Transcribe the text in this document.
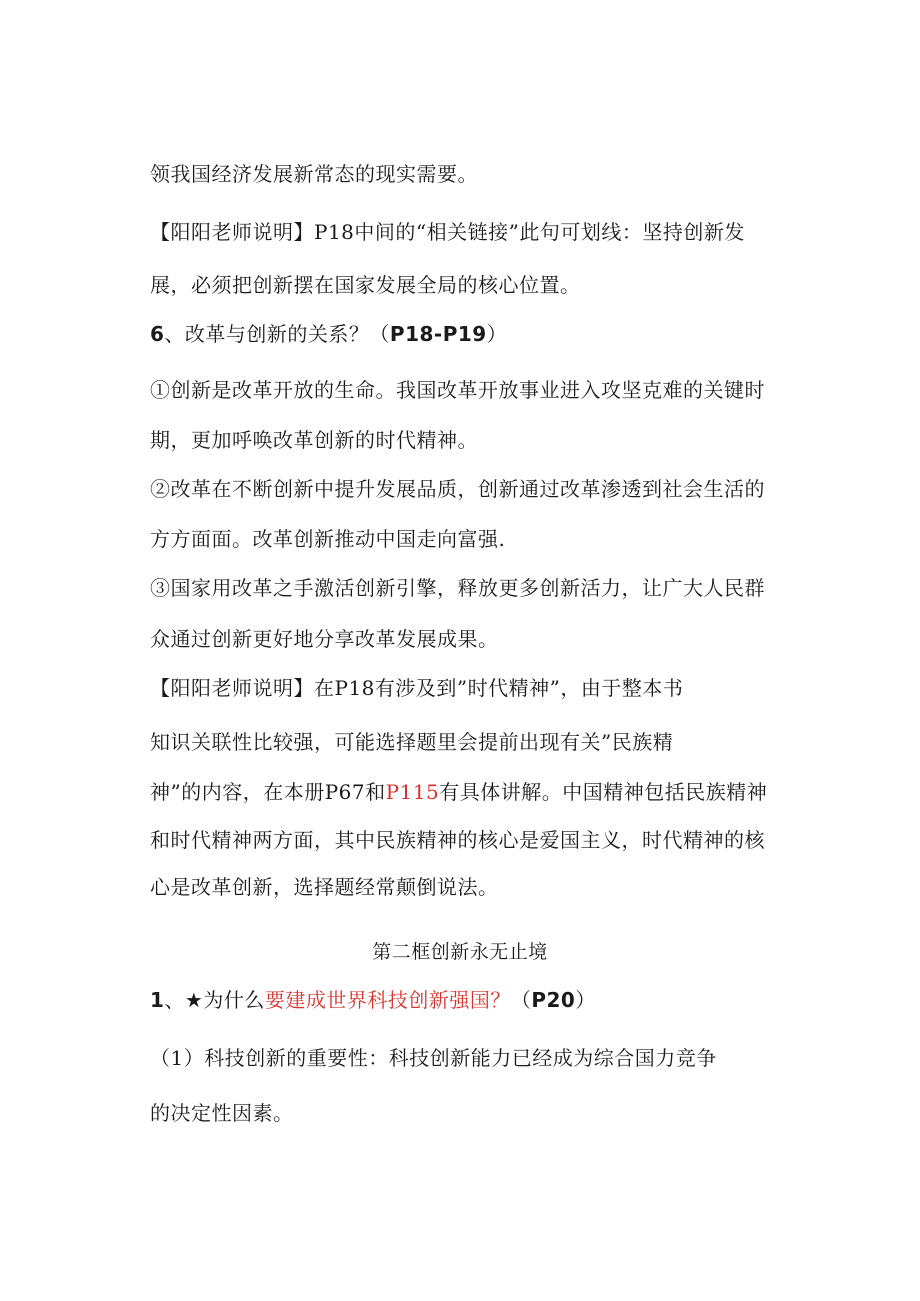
领我国经济发展新常态的现实需要。
【阳阳老师说明】P18中间的“相关链接”此句可划线：坚持创新发
展，必须把创新摆在国家发展全局的核心位置。
6、改革与创新的关系？（P18-P19）
①创新是改革开放的生命。我国改革开放事业进入攻坚克难的关键时
期，更加呼唤改革创新的时代精神。
②改革在不断创新中提升发展品质，创新通过改革渗透到社会生活的
方方面面。改革创新推动中国走向富强.
③国家用改革之手激活创新引擎，释放更多创新活力，让广大人民群
众通过创新更好地分享改革发展成果。
【阳阳老师说明】在P18有涉及到”时代精神”，由于整本书
知识关联性比较强，可能选择题里会提前出现有关”民族精
神”的内容，在本册P67和P115有具体讲解。中国精神包括民族精神
和时代精神两方面，其中民族精神的核心是爱国主义，时代精神的核
心是改革创新，选择题经常颠倒说法。
第二框创新永无止境
1、★为什么要建成世界科技创新强国？（P20）
（1）科技创新的重要性：科技创新能力已经成为综合国力竞争
的决定性因素。
